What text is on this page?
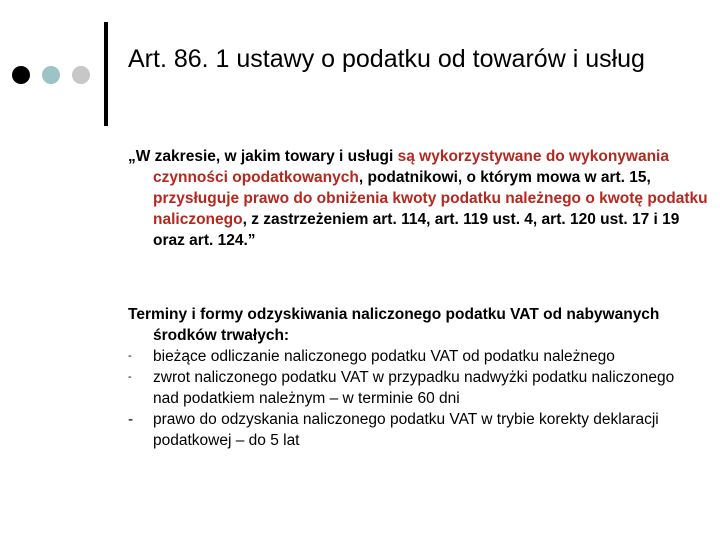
Art. 86. 1 ustawy o podatku od towarów i usług

„W zakresie, w jakim towary i usługi są wykorzystywane do wykonywania czynności opodatkowanych, podatnikowi, o którym mowa w art. 15, przysługuje prawo do obniżenia kwoty podatku należnego o kwotę podatku naliczonego, z zastrzeżeniem art. 114, art. 119 ust. 4, art. 120 ust. 17 i 19 oraz art. 124.”

Terminy i formy odzyskiwania naliczonego podatku VAT od nabywanych środków trwałych:

- bieżące odliczanie naliczonego podatku VAT od podatku należnego
- zwrot naliczonego podatku VAT w przypadku nadwyżki podatku naliczonego nad podatkiem należnym – w terminie 60 dni
- prawo do odzyskania naliczonego podatku VAT w trybie korekty deklaracji podatkowej – do 5 lat
